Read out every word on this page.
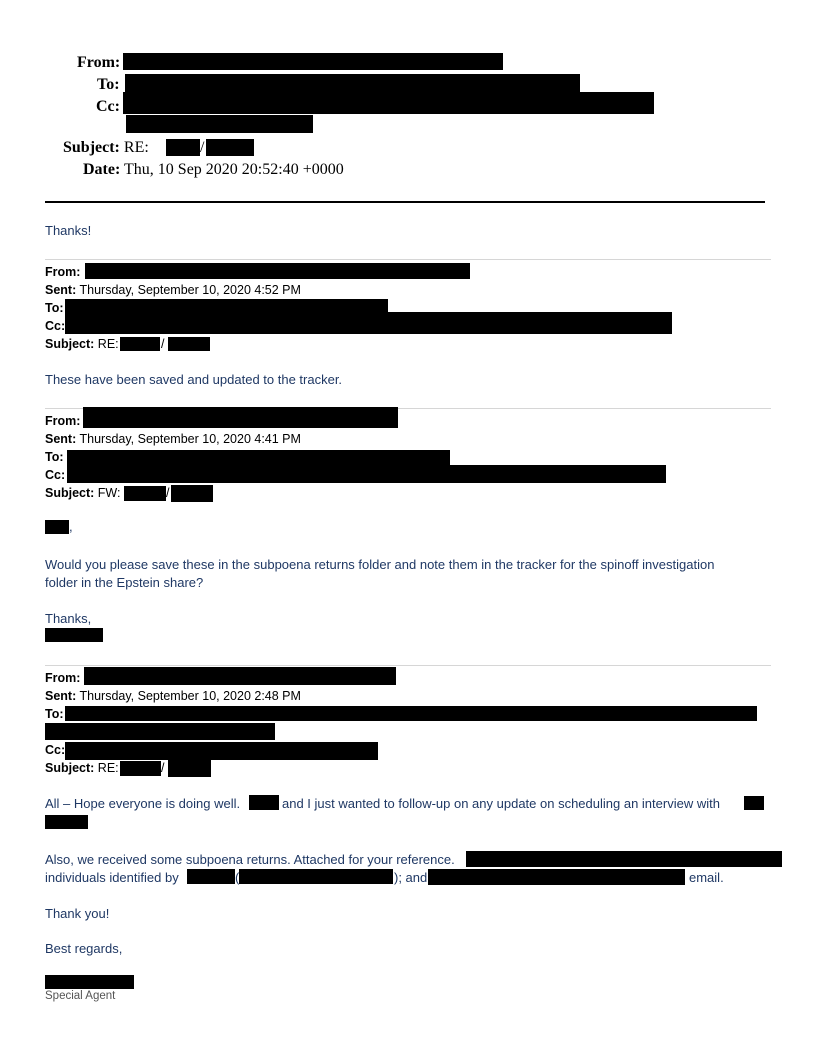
From:
To:
Cc:
Subject: RE:	/
Date: Thu, 10 Sep 2020 20:52:40 +0000
Thanks!
From:
Sent: Thursday, September 10, 2020 4:52 PM
To:
Cc:
Subject: RE:	/
These have been saved and updated to the tracker.
From:
Sent: Thursday, September 10, 2020 4:41 PM
To:
Cc:
Subject: FW:	/
,
Would you please save these in the subpoena returns folder and note them in the tracker for the spinoff investigation
folder in the Epstein share?
Thanks,
From:
Sent: Thursday, September 10, 2020 2:48 PM
To:
Cc:
Subject: RE:	/
All – Hope everyone is doing well.	and I just wanted to follow-up on any update on scheduling an interview with
Also, we received some subpoena returns. Attached for your reference.
individuals identified by	(	); and	email.
Thank you!
Best regards,
Special Agent
